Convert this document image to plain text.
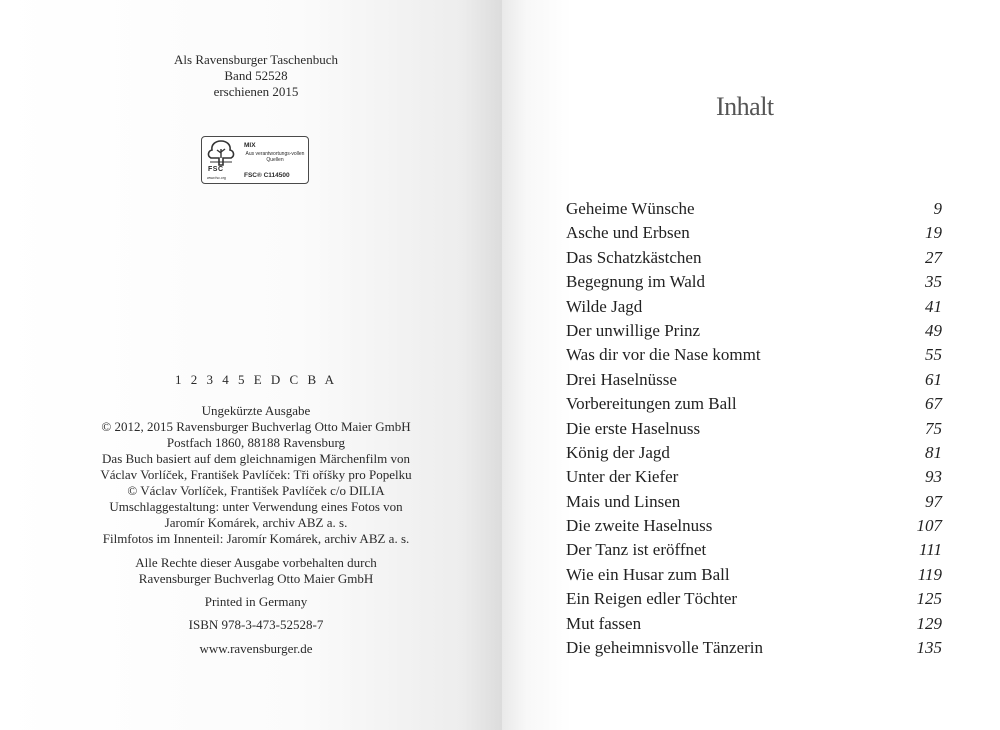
Als Ravensburger Taschenbuch
Band 52528
erschienen 2015
FSC
www.fsc.org
MIX
Aus verantwortungs-vollen Quellen
FSC® C114500
1 2 3 4 5 E D C B A
Ungekürzte Ausgabe
© 2012, 2015 Ravensburger Buchverlag Otto Maier GmbH
Postfach 1860, 88188 Ravensburg
Das Buch basiert auf dem gleichnamigen Märchenfilm von
Václav Vorlíček, František Pavlíček: Tři oříšky pro Popelku
© Václav Vorlíček, František Pavlíček c/o DILIA
Umschlaggestaltung: unter Verwendung eines Fotos von
Jaromír Komárek, archiv ABZ a. s.
Filmfotos im Innenteil: Jaromír Komárek, archiv ABZ a. s.
Alle Rechte dieser Ausgabe vorbehalten durch
Ravensburger Buchverlag Otto Maier GmbH
Printed in Germany
ISBN 978-3-473-52528-7
www.ravensburger.de
Inhalt
Geheime Wünsche	9
Asche und Erbsen	19
Das Schatzkästchen	27
Begegnung im Wald	35
Wilde Jagd	41
Der unwillige Prinz	49
Was dir vor die Nase kommt	55
Drei Haselnüsse	61
Vorbereitungen zum Ball	67
Die erste Haselnuss	75
König der Jagd	81
Unter der Kiefer	93
Mais und Linsen	97
Die zweite Haselnuss	107
Der Tanz ist eröffnet	111
Wie ein Husar zum Ball	119
Ein Reigen edler Töchter	125
Mut fassen	129
Die geheimnisvolle Tänzerin	135
